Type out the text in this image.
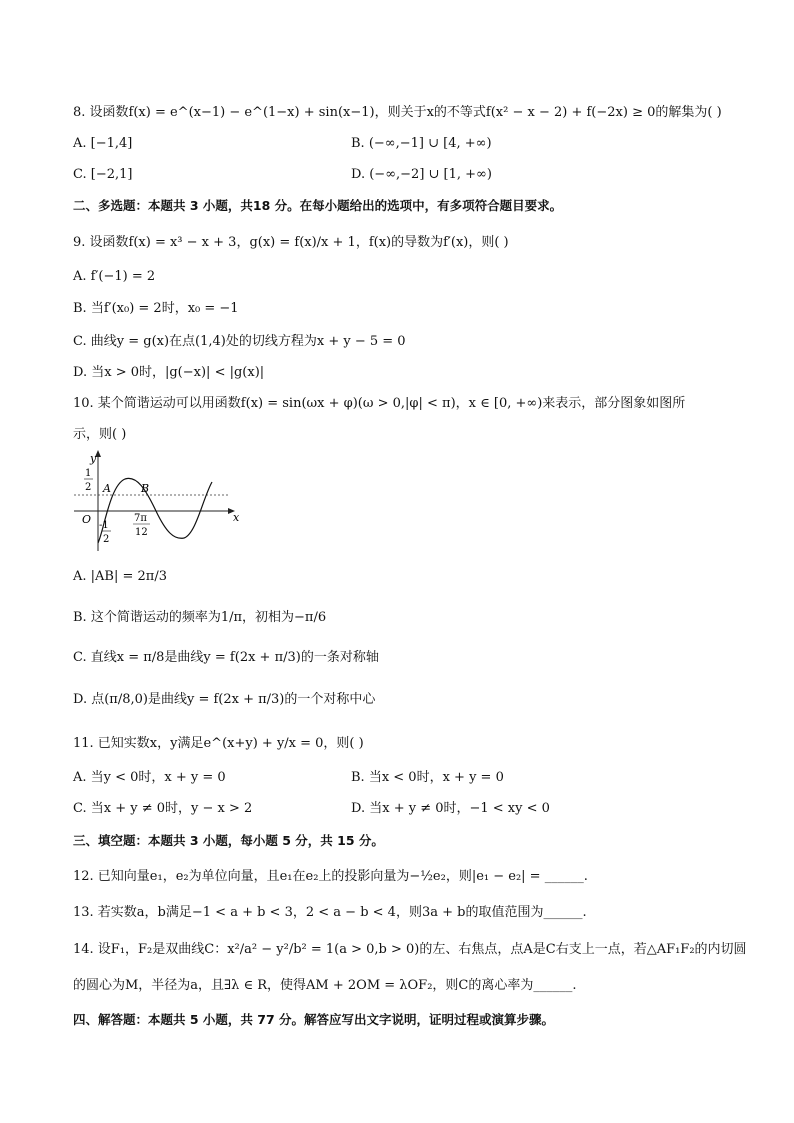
8. 设函数f(x) = e^(x−1) − e^(1−x) + sin(x−1)，则关于x的不等式f(x² − x − 2) + f(−2x) ≥ 0的解集为( )
A. [−1,4]	B. (−∞,−1] ∪ [4, +∞)
C. [−2,1]	D. (−∞,−2] ∪ [1, +∞)
二、多选题：本题共 3 小题，共18 分。在每小题给出的选项中，有多项符合题目要求。
9. 设函数f(x) = x³ − x + 3，g(x) = f(x)/x + 1，f(x)的导数为f′(x)，则( )
A. f′(−1) = 2
B. 当f′(x₀) = 2时，x₀ = −1
C. 曲线y = g(x)在点(1,4)处的切线方程为x + y − 5 = 0
D. 当x > 0时，|g(−x)| < |g(x)|
10. 某个简谐运动可以用函数f(x) = sin(ωx + φ)(ω > 0,|φ| < π)，x ∈ [0, +∞)来表示，部分图象如图所
示，则( )
y
x
O
A	B
1
2
-1
2
7π
12
A. |AB| = 2π/3
B. 这个简谐运动的频率为1/π，初相为−π/6
C. 直线x = π/8是曲线y = f(2x + π/3)的一条对称轴
D. 点(π/8,0)是曲线y = f(2x + π/3)的一个对称中心
11. 已知实数x，y满足e^(x+y) + y/x = 0，则( )
A. 当y < 0时，x + y = 0	B. 当x < 0时，x + y = 0
C. 当x + y ≠ 0时，y − x > 2	D. 当x + y ≠ 0时，−1 < xy < 0
三、填空题：本题共 3 小题，每小题 5 分，共 15 分。
12. 已知向量e₁，e₂为单位向量，且e₁在e₂上的投影向量为−½e₂，则|e₁ − e₂| = ______.
13. 若实数a，b满足−1 < a + b < 3，2 < a − b < 4，则3a + b的取值范围为______.
14. 设F₁，F₂是双曲线C：x²/a² − y²/b² = 1(a > 0,b > 0)的左、右焦点，点A是C右支上一点，若△AF₁F₂的内切圆
的圆心为M，半径为a，且∃λ ∈ R，使得AM + 2OM = λOF₂，则C的离心率为______.
四、解答题：本题共 5 小题，共 77 分。解答应写出文字说明，证明过程或演算步骤。
